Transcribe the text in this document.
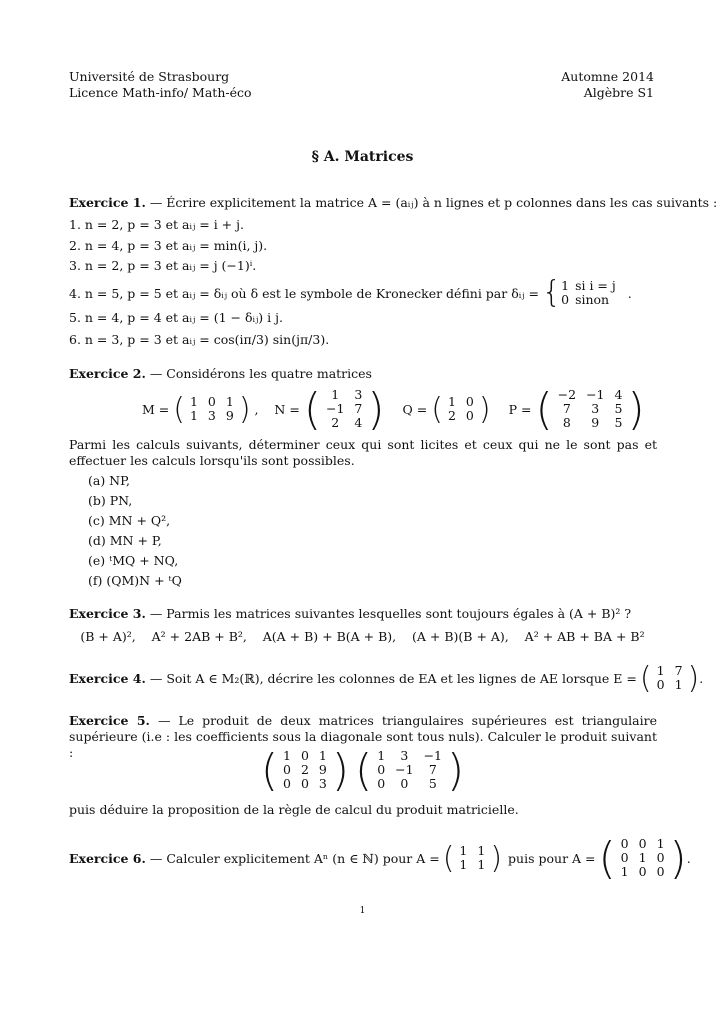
Université de Strasbourg
Licence Math-info/ Math-éco
Automne 2014
Algèbre S1
§ A. Matrices
Exercice 1. — Écrire explicitement la matrice A = (aᵢⱼ) à n lignes et p colonnes dans les cas suivants :
1. n = 2, p = 3 et aᵢⱼ = i + j.
2. n = 4, p = 3 et aᵢⱼ = min(i, j).
3. n = 2, p = 3 et aᵢⱼ = j (−1)ⁱ.
4. n = 5, p = 5 et aᵢⱼ = δᵢⱼ où δ est le symbole de Kronecker défini par δᵢⱼ = { 1	si i = j
0	sinon .
5. n = 4, p = 4 et aᵢⱼ = (1 − δᵢⱼ) i j.
6. n = 3, p = 3 et aᵢⱼ = cos(iπ/3) sin(jπ/3).
Exercice 2. — Considérons les quatre matrices
M = ( 1	0	1
1	3	9 ) ,    N = ( 1	3
−1	7
2	4 ) Q = ( 1	0
2	0 ) P = ( −2	−1	4
7	3	5
8	9	5 )
Parmi les calculs suivants, déterminer ceux qui sont licites et ceux qui ne le sont pas et effectuer les calculs lorsqu'ils sont possibles.
(a) NP,
(b) PN,
(c) MN + Q²,
(d) MN + P,
(e) ᵗMQ + NQ,
(f) (QM)N + ᵗQ
Exercice 3. — Parmis les matrices suivantes lesquelles sont toujours égales à (A + B)² ?
(B + A)²,    A² + 2AB + B²,    A(A + B) + B(A + B),    (A + B)(B + A),    A² + AB + BA + B²
Exercice 4. — Soit A ∈ M₂(ℝ), décrire les colonnes de EA et les lignes de AE lorsque E = ( 1	7
0	1 ) .
Exercice 5. — Le produit de deux matrices triangulaires supérieures est triangulaire supérieure (i.e : les coefficients sous la diagonale sont tous nuls). Calculer le produit suivant :	( 1	0	1
0	2	9
0	0	3 ) ( 1	3	−1
0	−1	7
0	0	5 )
puis déduire la proposition de la règle de calcul du produit matricielle.
Exercice 6. — Calculer explicitement Aⁿ (n ∈ ℕ) pour A = ( 1	1
1	1 ) puis pour A = ( 0	0	1
0	1	0
1	0	0 ) .
1
